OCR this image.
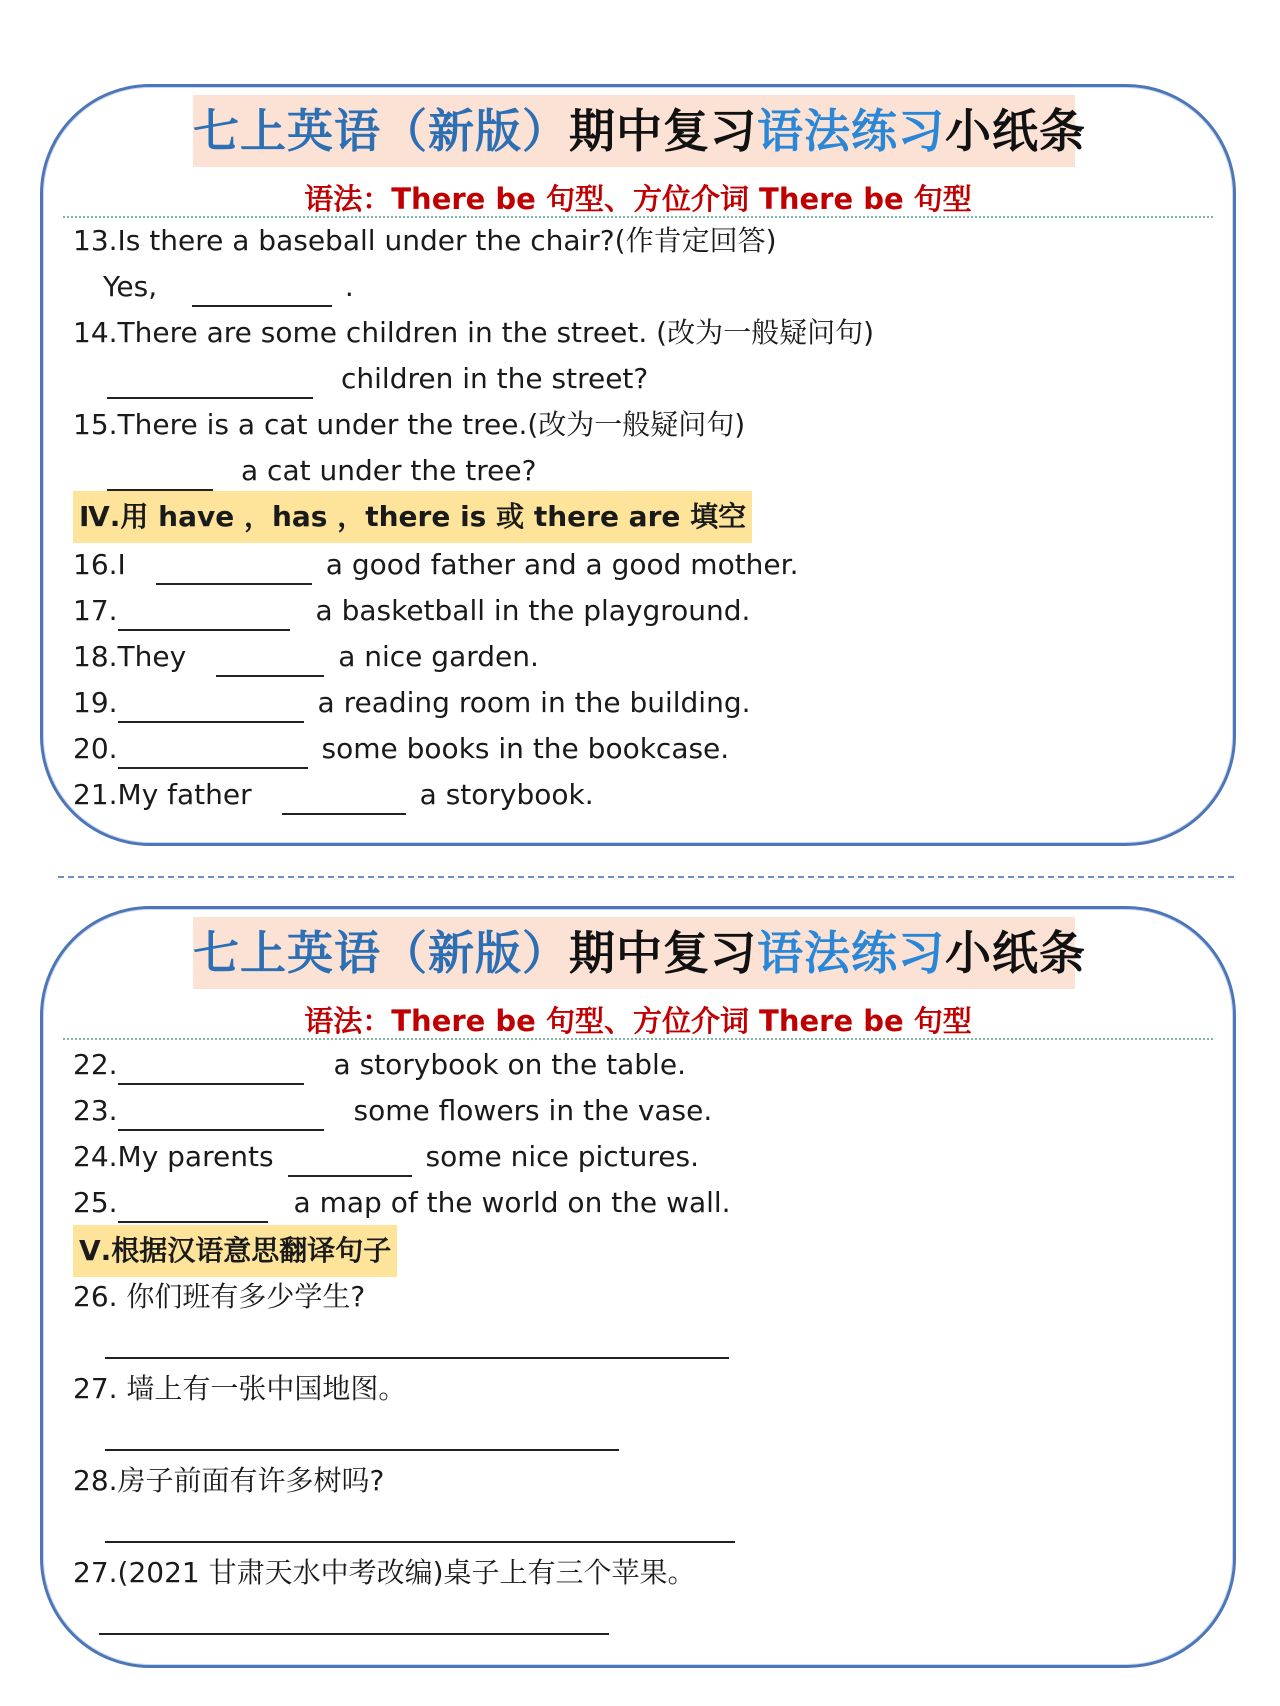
七上英语（新版）期中复习语法练习小纸条
语法：There be 句型、方位介词 There be 句型
13.Is there a baseball under the chair?(作肯定回答)
Yes,	.
14.There are some children in the street. (改为一般疑问句)
children in the street?
15.There is a cat under the tree.(改为一般疑问句)
a cat under the tree?
Ⅳ.用 have ，has ，there is 或 there are 填空
16.I	a good father and a good mother.
17.	a basketball in the playground.
18.They	a nice garden.
19.	a reading room in the building.
20.	some books in the bookcase.
21.My father	a storybook.
七上英语（新版）期中复习语法练习小纸条
语法：There be 句型、方位介词 There be 句型
22.	a storybook on the table.
23.	some flowers in the vase.
24.My parents	some nice pictures.
25.	a map of the world on the wall.
Ⅴ.根据汉语意思翻译句子
26. 你们班有多少学生?
27. 墙上有一张中国地图。
28.房子前面有许多树吗?
27.(2021 甘肃天水中考改编)桌子上有三个苹果。
